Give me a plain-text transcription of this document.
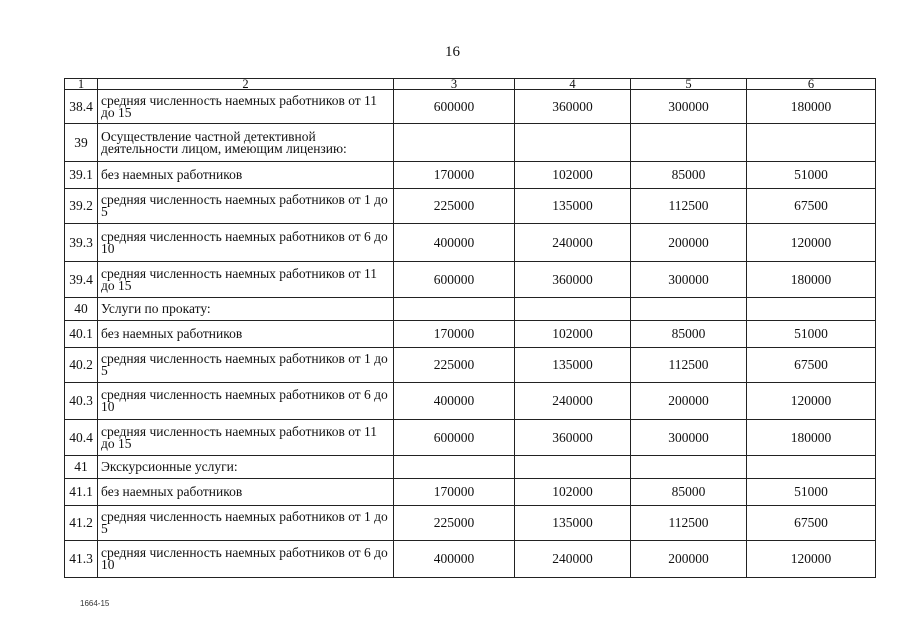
16
1	2	3	4	5	6
38.4	средняя численность наемных работников от 11 до 15	600000	360000	300000	180000
39	Осуществление частной детективной деятельности лицом, имеющим лицензию:				
39.1	без наемных работников	170000	102000	85000	51000
39.2	средняя численность наемных работников от 1 до 5	225000	135000	112500	67500
39.3	средняя численность наемных работников от 6 до 10	400000	240000	200000	120000
39.4	средняя численность наемных работников от 11 до 15	600000	360000	300000	180000
40	Услуги по прокату:				
40.1	без наемных работников	170000	102000	85000	51000
40.2	средняя численность наемных работников от 1 до 5	225000	135000	112500	67500
40.3	средняя численность наемных работников от 6 до 10	400000	240000	200000	120000
40.4	средняя численность наемных работников от 11 до 15	600000	360000	300000	180000
41	Экскурсионные услуги:				
41.1	без наемных работников	170000	102000	85000	51000
41.2	средняя численность наемных работников от 1 до 5	225000	135000	112500	67500
41.3	средняя численность наемных работников от 6 до 10	400000	240000	200000	120000
1664-15
